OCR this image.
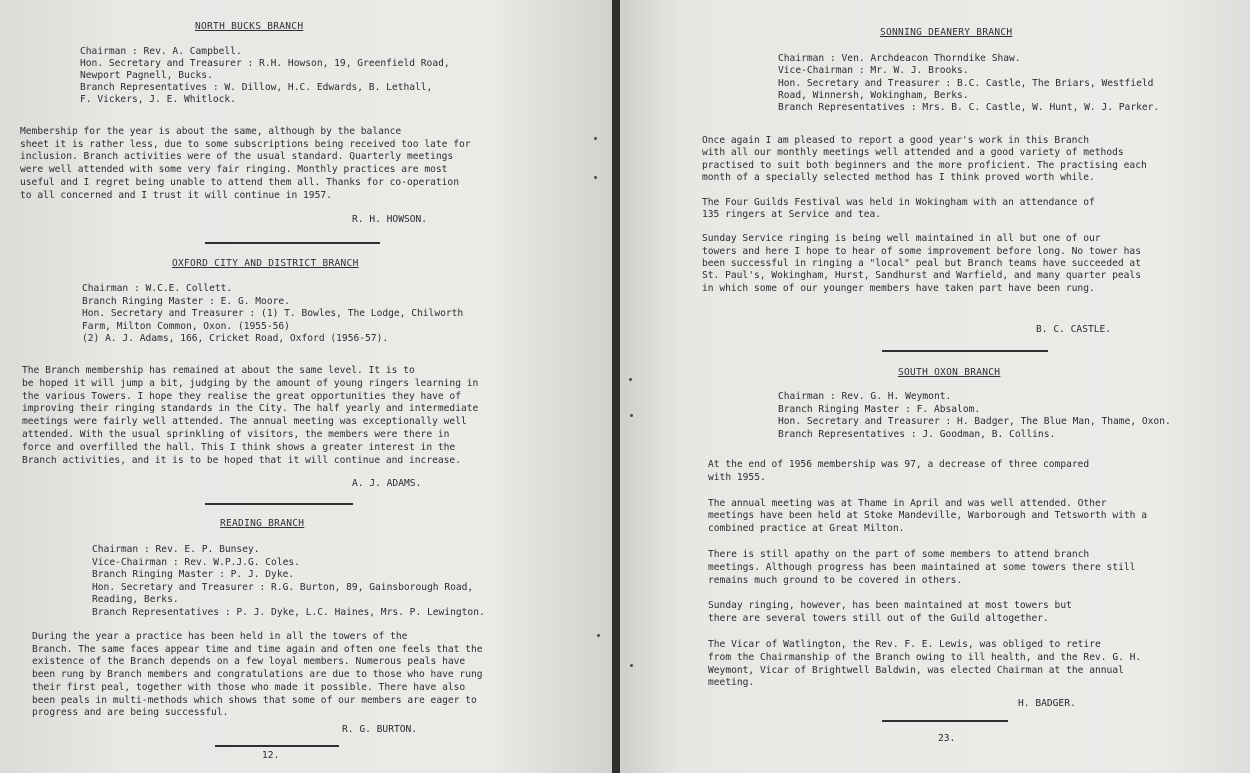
NORTH BUCKS BRANCH
R. H. HOWSON.
OXFORD CITY AND DISTRICT BRANCH
A. J. ADAMS.
READING BRANCH
R. G. BURTON.
12.
Chairman : Rev. A. Campbell.
Hon. Secretary and Treasurer : R.H. Howson, 19, Greenfield Road,
Newport Pagnell, Bucks.
Branch Representatives : W. Dillow, H.C. Edwards, B. Lethall,
F. Vickers, J. E. Whitlock.
Membership for the year is about the same, although by the balance
sheet it is rather less, due to some subscriptions being received too late for
inclusion. Branch activities were of the usual standard. Quarterly meetings
were well attended with some very fair ringing. Monthly practices are most
useful and I regret being unable to attend them all. Thanks for co-operation
to all concerned and I trust it will continue in 1957.
Chairman : W.C.E. Collett.
Branch Ringing Master : E. G. Moore.
Hon. Secretary and Treasurer : (1) T. Bowles, The Lodge, Chilworth
Farm, Milton Common, Oxon. (1955-56)
(2) A. J. Adams, 166, Cricket Road, Oxford (1956-57).
The Branch membership has remained at about the same level. It is to
be hoped it will jump a bit, judging by the amount of young ringers learning in
the various Towers. I hope they realise the great opportunities they have of
improving their ringing standards in the City. The half yearly and intermediate
meetings were fairly well attended. The annual meeting was exceptionally well
attended. With the usual sprinkling of visitors, the members were there in
force and overfilled the hall. This I think shows a greater interest in the
Branch activities, and it is to be hoped that it will continue and increase.
Chairman : Rev. E. P. Bunsey.
Vice-Chairman : Rev. W.P.J.G. Coles.
Branch Ringing Master : P. J. Dyke.
Hon. Secretary and Treasurer : R.G. Burton, 89, Gainsborough Road,
Reading, Berks.
Branch Representatives : P. J. Dyke, L.C. Haines, Mrs. P. Lewington.
During the year a practice has been held in all the towers of the
Branch. The same faces appear time and time again and often one feels that the
existence of the Branch depends on a few loyal members. Numerous peals have
been rung by Branch members and congratulations are due to those who have rung
their first peal, together with those who made it possible. There have also
been peals in multi-methods which shows that some of our members are eager to
progress and are being successful.
SONNING DEANERY BRANCH
B. C. CASTLE.
SOUTH OXON BRANCH
H. BADGER.
23.
Chairman : Ven. Archdeacon Thorndike Shaw.
Vice-Chairman : Mr. W. J. Brooks.
Hon. Secretary and Treasurer : B.C. Castle, The Briars, Westfield
Road, Winnersh, Wokingham, Berks.
Branch Representatives : Mrs. B. C. Castle, W. Hunt, W. J. Parker.
Once again I am pleased to report a good year's work in this Branch
with all our monthly meetings well attended and a good variety of methods
practised to suit both beginners and the more proficient. The practising each
month of a specially selected method has I think proved worth while.
The Four Guilds Festival was held in Wokingham with an attendance of
135 ringers at Service and tea.
Sunday Service ringing is being well maintained in all but one of our
towers and here I hope to hear of some improvement before long. No tower has
been successful in ringing a "local" peal but Branch teams have succeeded at
St. Paul's, Wokingham, Hurst, Sandhurst and Warfield, and many quarter peals
in which some of our younger members have taken part have been rung.
Chairman : Rev. G. H. Weymont.
Branch Ringing Master : F. Absalom.
Hon. Secretary and Treasurer : H. Badger, The Blue Man, Thame, Oxon.
Branch Representatives : J. Goodman, B. Collins.
At the end of 1956 membership was 97, a decrease of three compared
with 1955.
The annual meeting was at Thame in April and was well attended. Other
meetings have been held at Stoke Mandeville, Warborough and Tetsworth with a
combined practice at Great Milton.
There is still apathy on the part of some members to attend branch
meetings. Although progress has been maintained at some towers there still
remains much ground to be covered in others.
Sunday ringing, however, has been maintained at most towers but
there are several towers still out of the Guild altogether.
The Vicar of Watlington, the Rev. F. E. Lewis, was obliged to retire
from the Chairmanship of the Branch owing to ill health, and the Rev. G. H.
Weymont, Vicar of Brightwell Baldwin, was elected Chairman at the annual
meeting.
